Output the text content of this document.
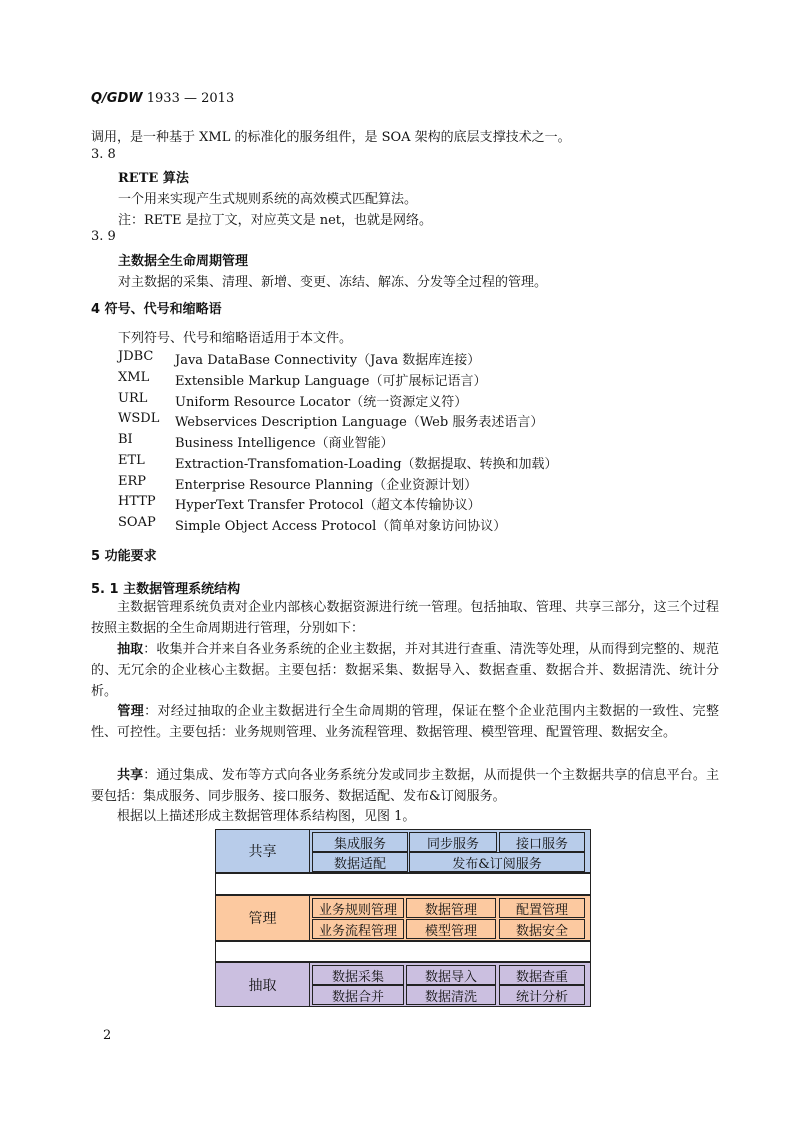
Q/GDW 1933 — 2013
调用，是一种基于 XML 的标准化的服务组件，是 SOA 架构的底层支撑技术之一。
3. 8
RETE 算法
一个用来实现产生式规则系统的高效模式匹配算法。
注：RETE 是拉丁文，对应英文是 net，也就是网络。
3. 9
主数据全生命周期管理
对主数据的采集、清理、新增、变更、冻结、解冻、分发等全过程的管理。
4 符号、代号和缩略语
下列符号、代号和缩略语适用于本文件。
JDBC Java DataBase Connectivity（Java 数据库连接）
XML Extensible Markup Language（可扩展标记语言）
URL Uniform Resource Locator（统一资源定义符）
WSDL Webservices Description Language（Web 服务表述语言）
BI	Business Intelligence（商业智能）
ETL Extraction-Transfomation-Loading（数据提取、转换和加载）
ERP Enterprise Resource Planning（企业资源计划）
HTTP HyperText Transfer Protocol（超文本传输协议）
SOAP Simple Object Access Protocol（简单对象访问协议）
5 功能要求
5. 1 主数据管理系统结构
主数据管理系统负责对企业内部核心数据资源进行统一管理。包括抽取、管理、共享三部分，这三个过程按照主数据的全生命周期进行管理，分别如下：
抽取：收集并合并来自各业务系统的企业主数据，并对其进行查重、清洗等处理，从而得到完整的、规范的、无冗余的企业核心主数据。主要包括：数据采集、数据导入、数据查重、数据合并、数据清洗、统计分析。
管理：对经过抽取的企业主数据进行全生命周期的管理，保证在整个企业范围内主数据的一致性、完整性、可控性。主要包括：业务规则管理、业务流程管理、数据管理、模型管理、配置管理、数据安全。
共享：通过集成、发布等方式向各业务系统分发或同步主数据，从而提供一个主数据共享的信息平台。主要包括：集成服务、同步服务、接口服务、数据适配、发布&订阅服务。
根据以上描述形成主数据管理体系结构图，见图 1。
共享	集成服务	同步服务	接口服务
数据适配	发布&订阅服务
管理
业务规则管理	数据管理	配置管理
业务流程管理	模型管理	数据安全
抽取
数据采集	数据导入	数据查重
数据合并	数据清洗	统计分析
2
